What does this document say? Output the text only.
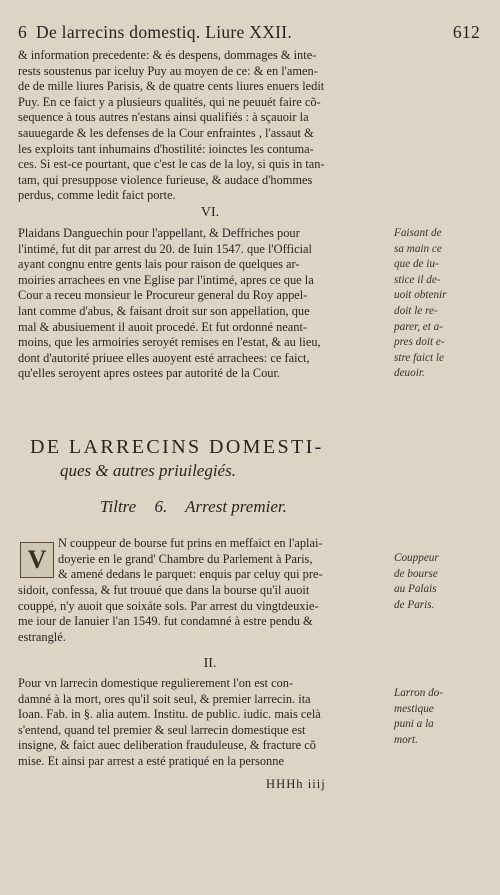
6 De larrecins domestiq. Liure XXII.	612
& information precedente: & és despens, dommages & inte-
rests soustenus par iceluy Puy au moyen de ce: & en l'amen-
de de mille liures Parisis, & de quatre cents liures enuers ledit
Puy. En ce faict y a plusieurs qualités, qui ne peuuét faire cõ-
sequence à tous autres n'estans ainsi qualifiés : à sçauoir la
sauuegarde & les defenses de la Cour enfraintes , l'assaut &
les exploits tant inhumains d'hostilité: ioinctes les contuma-
ces. Si est-ce pourtant, que c'est le cas de la loy, si quis in tan-
tam, qui presuppose violence furieuse, & audace d'hommes
perdus, comme ledit faict porte.
VI.
Plaidans Danguechin pour l'appellant, & Deffriches pour
l'intimé, fut dit par arrest du 20. de Iuin 1547. que l'Official
ayant congnu entre gents lais pour raison de quelques ar-
moiries arrachees en vne Eglise par l'intimé, apres ce que la
Cour a receu monsieur le Procureur general du Roy appel-
lant comme d'abus, & faisant droit sur son appellation, que
mal & abusiuement il auoit procedé. Et fut ordonné neant-
moins, que les armoiries seroyét remises en l'estat, & au lieu,
dont d'autorité priuee elles auoyent esté arrachees: ce faict,
qu'elles seroyent apres ostees par autorité de la Cour.
Faisant de
sa main ce
que de iu-
stice il de-
uoit obtenir
doit le re-
parer, et a-
pres doit e-
stre faict le
deuoir.
DE LARRECINS DOMESTI-
ques & autres priuilegiés.
Tiltre 6. Arrest premier.
V
N couppeur de bourse fut prins en meffaict en l'aplai-
doyerie en le grand' Chambre du Parlement à Paris,
& amené dedans le parquet: enquis par celuy qui pre-
sidoit, confessa, & fut trouué que dans la bourse qu'il auoit
couppé, n'y auoit que soixáte sols. Par arrest du vingtdeuxie-
me iour de Ianuier l'an 1549. fut condamné à estre pendu &
estranglé.
Couppeur
de bourse
au Palais
de Paris.
II.
Pour vn larrecin domestique regulierement l'on est con-
damné à la mort, ores qu'il soit seul, & premier larrecin. ita
Ioan. Fab. in §. alia autem. Institu. de public. iudic. mais celà
s'entend, quand tel premier & seul larrecin domestique est
insigne, & faict auec deliberation frauduleuse, & fracture cõ
mise. Et ainsi par arrest a esté pratiqué en la personne
Larron do-
mestique
puni a la
mort.
HHHh iiij
